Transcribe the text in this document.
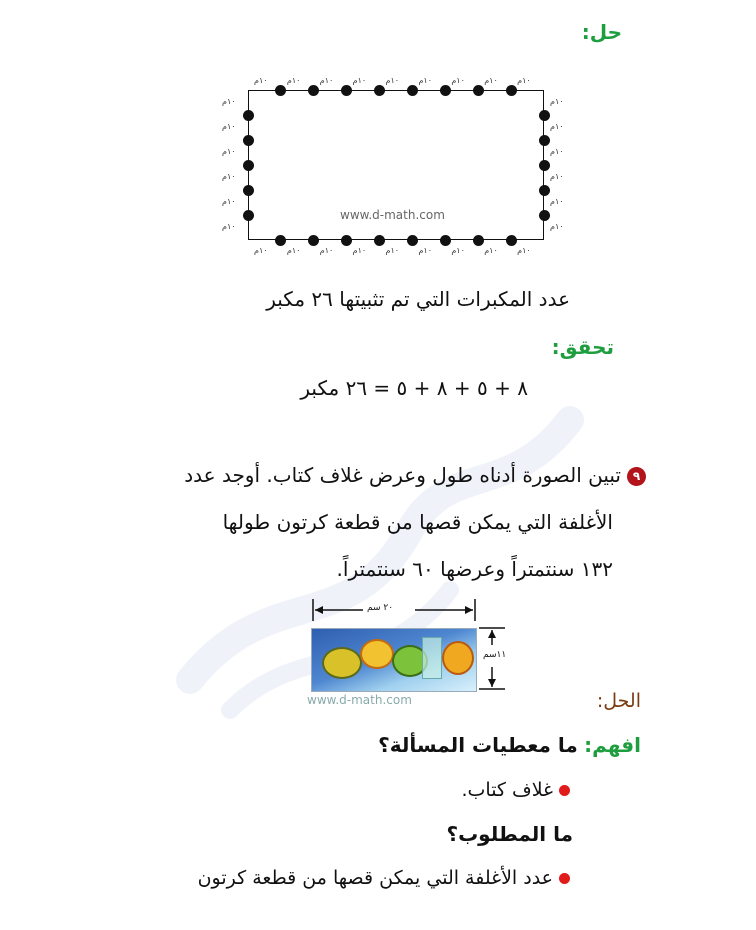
حل:
١٠م
١٠م
١٠م
١٠م
١٠م
١٠م
١٠م
١٠م
١٠م
١٠م
١٠م
١٠م
١٠م
١٠م
١٠م
١٠م
١٠م
١٠م
١٠م	١٠م
١٠م	١٠م
١٠م	١٠م
١٠م	١٠م
١٠م	١٠م
١٠م	١٠م
www.d-math.com
عدد المكبرات التي تم تثبيتها ٢٦ مكبر
تحقق:
٨ + ٥ + ٨ + ٥ = ٢٦ مكبر
٩تبين الصورة أدناه طول وعرض غلاف كتاب. أوجد عدد
الأغلفة التي يمكن قصها من قطعة كرتون طولها
١٣٢ سنتمتراً وعرضها ٦٠ سنتمتراً.
٢٠ سم
١١سم
www.d-math.com	الحل:
افهم: ما معطيات المسألة؟
غلاف كتاب.
ما المطلوب؟
عدد الأغلفة التي يمكن قصها من قطعة كرتون
